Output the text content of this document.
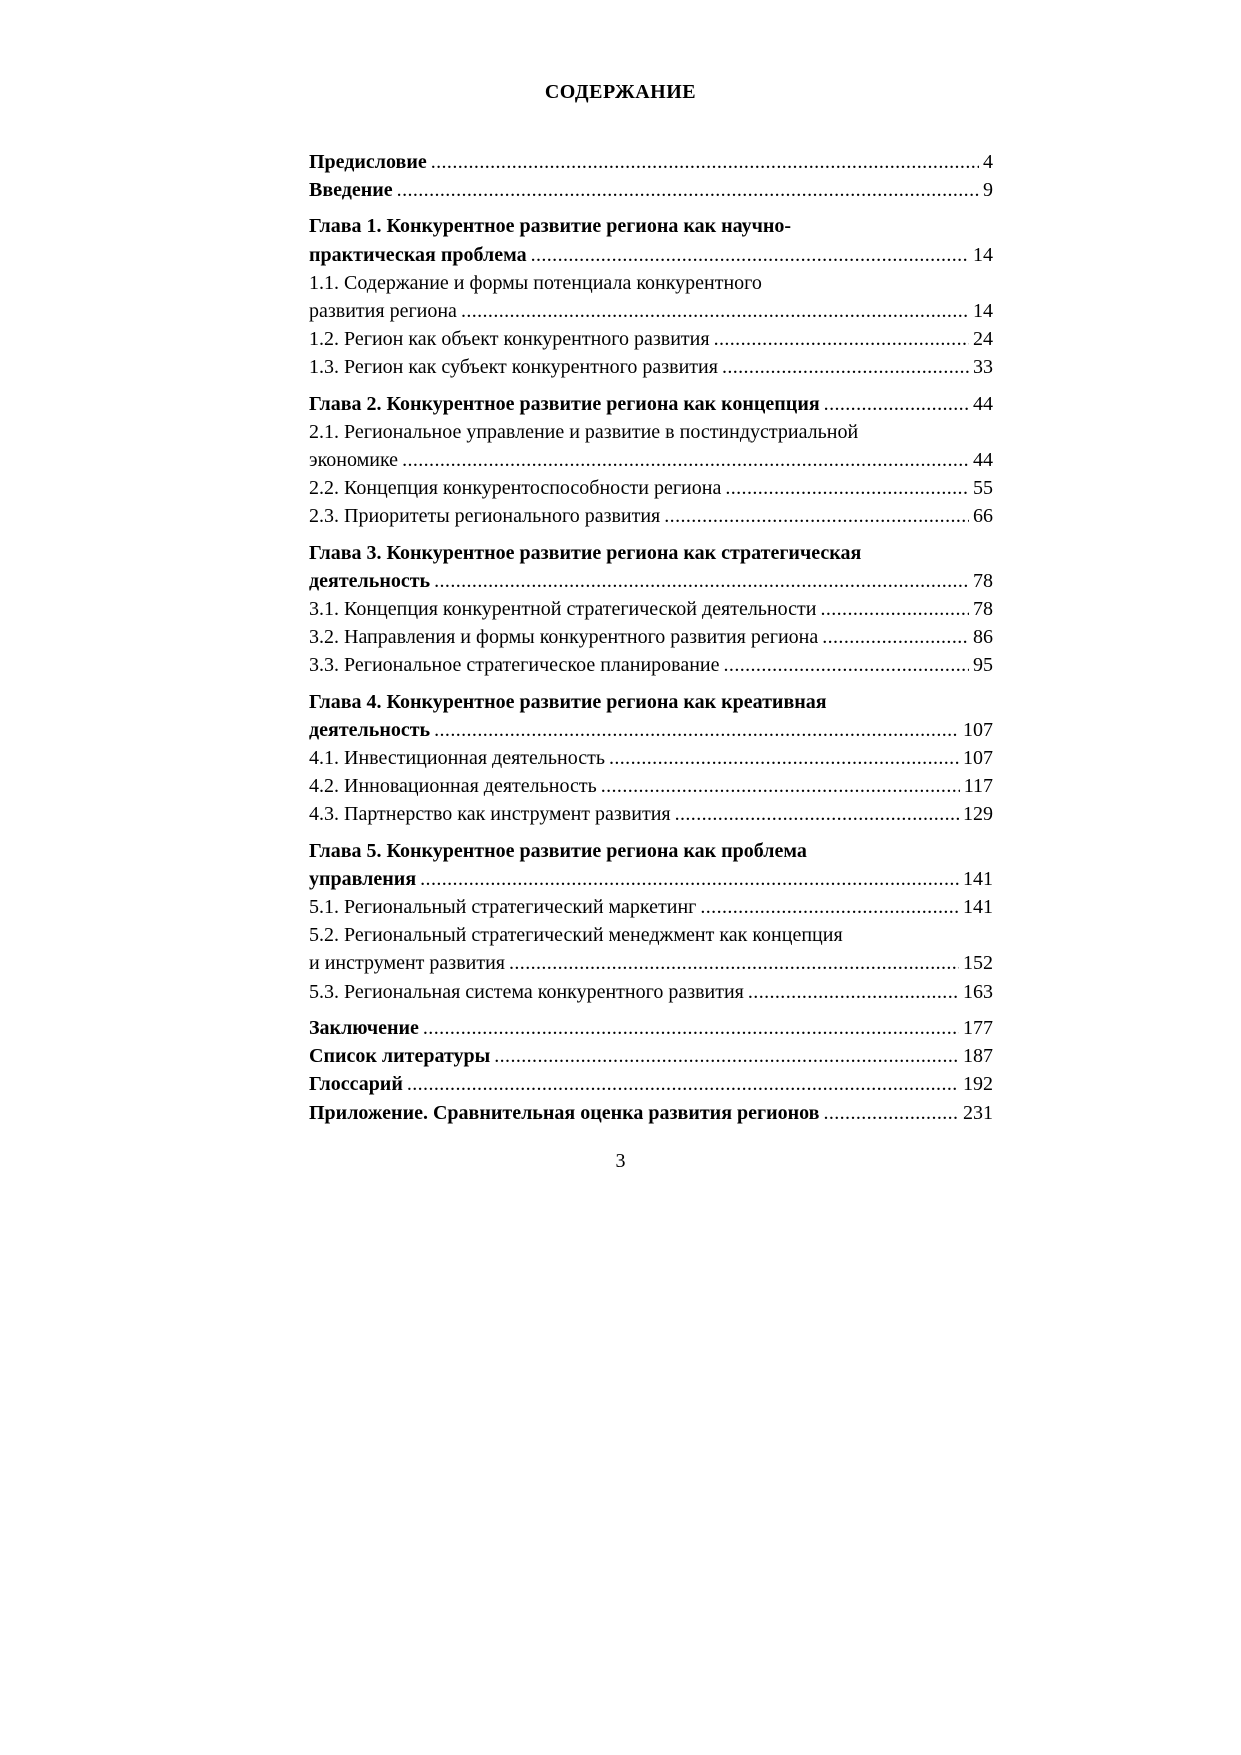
СОДЕРЖАНИЕ
Предисловие .....	4
Введение .....	9
Глава 1. Конкурентное развитие региона как научно-
практическая проблема .....	14
1.1. Содержание и формы потенциала конкурентного
развития региона .....	14
1.2. Регион как объект конкурентного развития .....	24
1.3. Регион как субъект конкурентного развития .....	33
Глава 2. Конкурентное развитие региона как концепция .....	44
2.1. Региональное управление и развитие в постиндустриальной
экономике .....	44
2.2. Концепция конкурентоспособности региона .....	55
2.3. Приоритеты регионального развития .....	66
Глава 3. Конкурентное развитие региона как стратегическая
деятельность .....	78
3.1. Концепция конкурентной стратегической деятельности .....	78
3.2. Направления и формы конкурентного развития региона .....	86
3.3. Региональное стратегическое планирование .....	95
Глава 4. Конкурентное развитие региона как креативная
деятельность .....	107
4.1. Инвестиционная деятельность .....	107
4.2. Инновационная деятельность .....	117
4.3. Партнерство как инструмент развития .....	129
Глава 5. Конкурентное развитие региона как проблема
управления .....	141
5.1. Региональный стратегический маркетинг .....	141
5.2. Региональный стратегический менеджмент как концепция
и инструмент развития .....	152
5.3. Региональная система конкурентного развития .....	163
Заключение .....	177
Список литературы .....	187
Глоссарий .....	192
Приложение. Сравнительная оценка развития регионов .....	231
3
